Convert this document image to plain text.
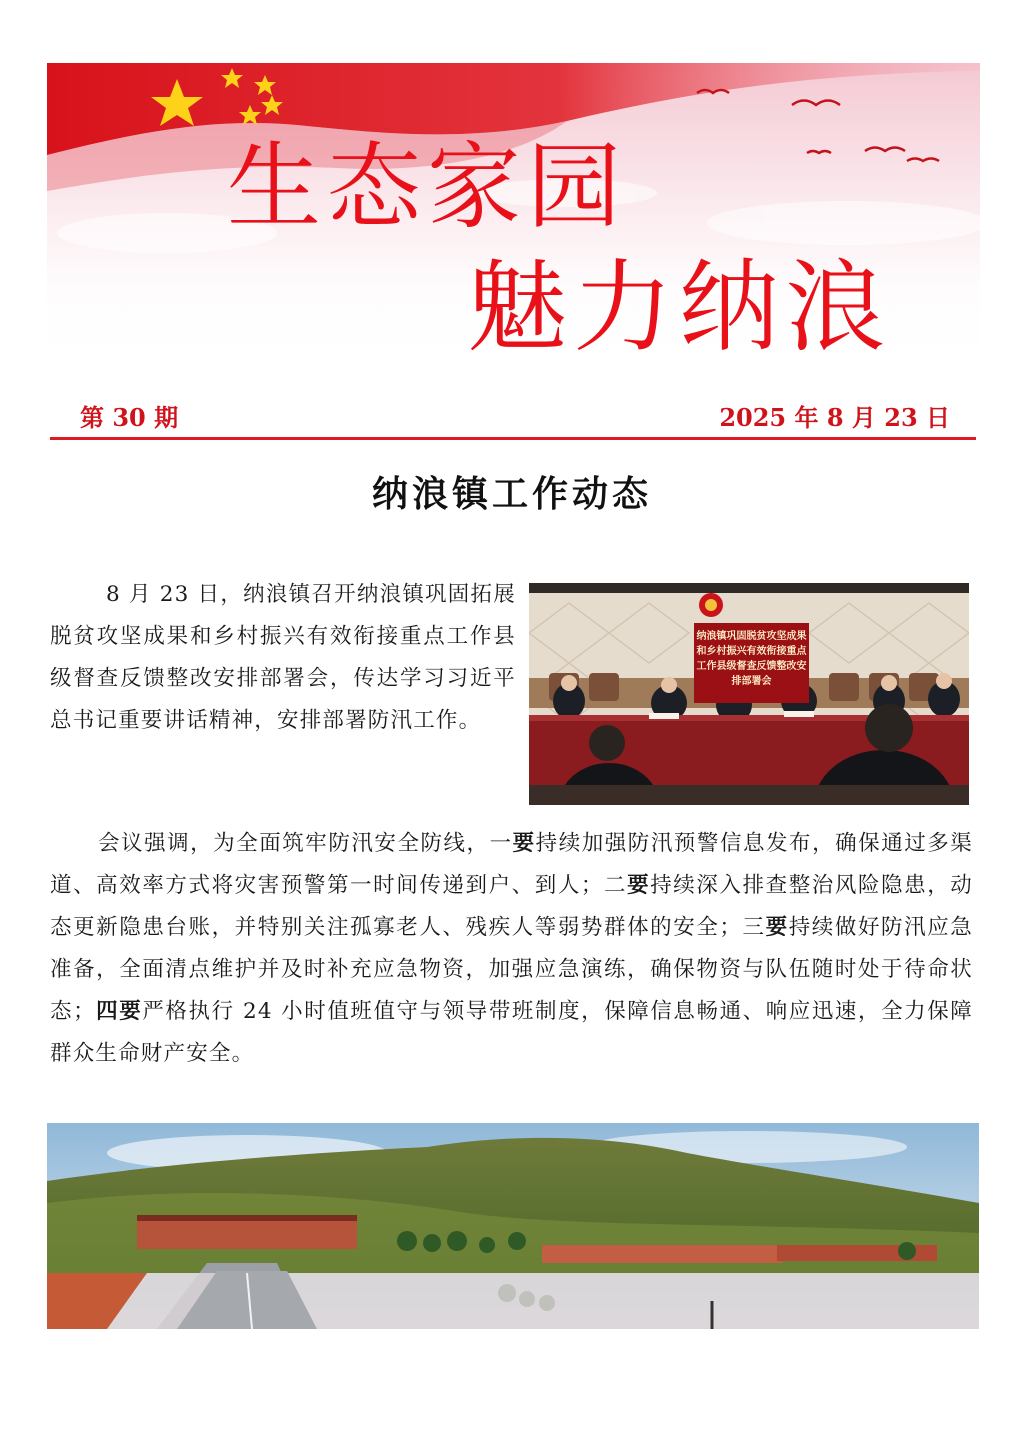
生态家园
魅力纳浪
第 30 期	2025 年 8 月 23 日
纳浪镇工作动态

8 月 23 日，纳浪镇召开纳浪镇巩固拓展脱贫攻坚成果和乡村振兴有效衔接重点工作县级督查反馈整改安排部署会，传达学习习近平总书记重要讲话精神，安排部署防汛工作。

纳浪镇巩固脱贫攻坚成果和乡村振兴有效衔接重点工作县级督查反馈整改安排部署会

会议强调，为全面筑牢防汛安全防线，一要持续加强防汛预警信息发布，确保通过多渠道、高效率方式将灾害预警第一时间传递到户、到人；二要持续深入排查整治风险隐患，动态更新隐患台账，并特别关注孤寡老人、残疾人等弱势群体的安全；三要持续做好防汛应急准备，全面清点维护并及时补充应急物资，加强应急演练，确保物资与队伍随时处于待命状态；四要严格执行 24 小时值班值守与领导带班制度，保障信息畅通、响应迅速，全力保障群众生命财产安全。
